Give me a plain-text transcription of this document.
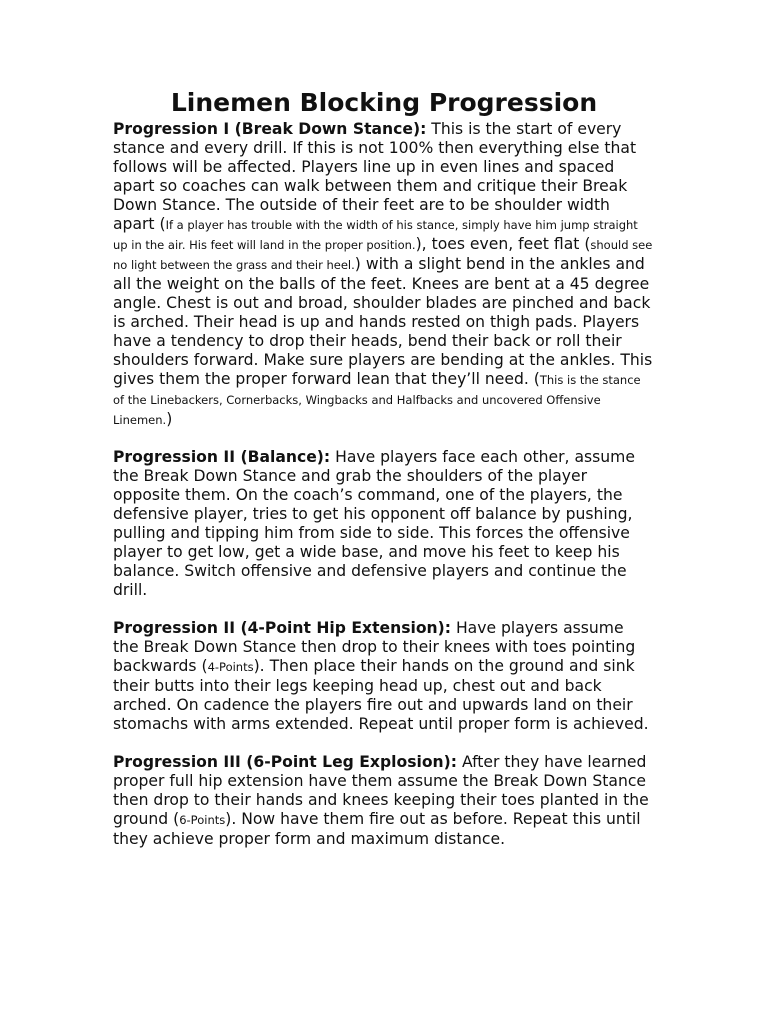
Linemen Blocking Progression

Progression I (Break Down Stance): This is the start of every stance and every drill. If this is not 100% then everything else that follows will be affected. Players line up in even lines and spaced apart so coaches can walk between them and critique their Break Down Stance. The outside of their feet are to be shoulder width apart (If a player has trouble with the width of his stance, simply have him jump straight up in the air. His feet will land in the proper position.), toes even, feet flat (should see no light between the grass and their heel.) with a slight bend in the ankles and all the weight on the balls of the feet. Knees are bent at a 45 degree angle. Chest is out and broad, shoulder blades are pinched and back is arched. Their head is up and hands rested on thigh pads. Players have a tendency to drop their heads, bend their back or roll their shoulders forward. Make sure players are bending at the ankles. This gives them the proper forward lean that they’ll need. (This is the stance of the Linebackers, Cornerbacks, Wingbacks and Halfbacks and uncovered Offensive Linemen.)

Progression II (Balance): Have players face each other, assume the Break Down Stance and grab the shoulders of the player opposite them. On the coach’s command, one of the players, the defensive player, tries to get his opponent off balance by pushing, pulling and tipping him from side to side. This forces the offensive player to get low, get a wide base, and move his feet to keep his balance. Switch offensive and defensive players and continue the drill.

Progression II (4-Point Hip Extension): Have players assume the Break Down Stance then drop to their knees with toes pointing backwards (4-Points). Then place their hands on the ground and sink their butts into their legs keeping head up, chest out and back arched. On cadence the players fire out and upwards land on their stomachs with arms extended. Repeat until proper form is achieved.

Progression III (6-Point Leg Explosion): After they have learned proper full hip extension have them assume the Break Down Stance then drop to their hands and knees keeping their toes planted in the ground (6-Points). Now have them fire out as before. Repeat this until they achieve proper form and maximum distance.
